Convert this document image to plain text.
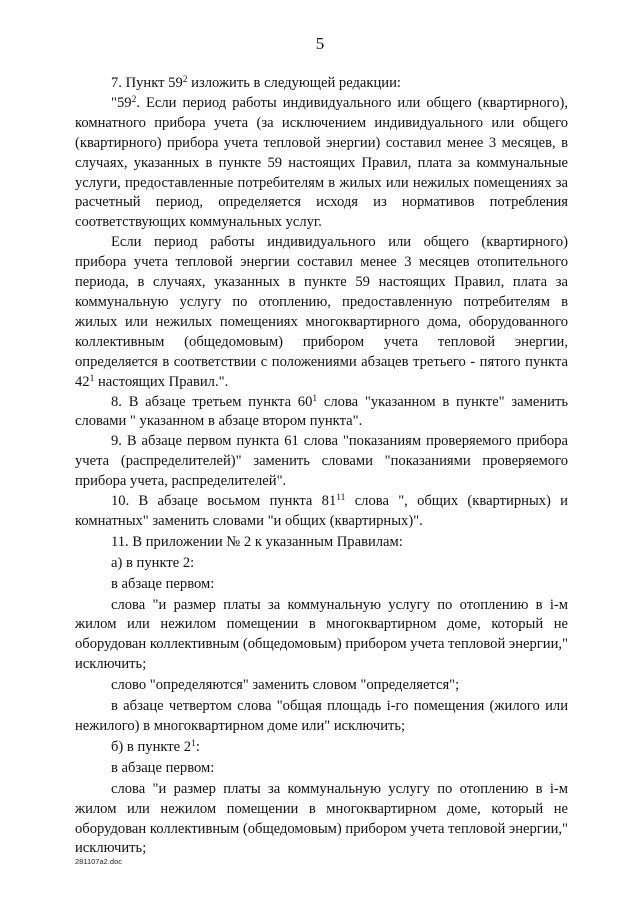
5

7. Пункт $59^2$ изложить в следующей редакции:

"$59^2$. Если период работы индивидуального или общего (квартирного), комнатного прибора учета (за исключением индивидуального или общего (квартирного) прибора учета тепловой энергии) составил менее 3 месяцев, в случаях, указанных в пункте 59 настоящих Правил, плата за коммунальные услуги, предоставленные потребителям в жилых или нежилых помещениях за расчетный период, определяется исходя из нормативов потребления соответствующих коммунальных услуг.

Если период работы индивидуального или общего (квартирного) прибора учета тепловой энергии составил менее 3 месяцев отопительного периода, в случаях, указанных в пункте 59 настоящих Правил, плата за коммунальную услугу по отоплению, предоставленную потребителям в жилых или нежилых помещениях многоквартирного дома, оборудованного коллективным (общедомовым) прибором учета тепловой энергии, определяется в соответствии с положениями абзацев третьего - пятого пункта $42^1$ настоящих Правил.".

8. В абзаце третьем пункта $60^1$ слова "указанном в пункте" заменить словами " указанном в абзаце втором пункта".

9. В абзаце первом пункта 61 слова "показаниям проверяемого прибора учета (распределителей)" заменить словами "показаниями проверяемого прибора учета, распределителей".

10. В абзаце восьмом пункта $81^{11}$ слова ", общих (квартирных) и комнатных" заменить словами "и общих (квартирных)".

11. В приложении № 2 к указанным Правилам:

а) в пункте 2:

в абзаце первом:

слова "и размер платы за коммунальную услугу по отоплению в i-м жилом или нежилом помещении в многоквартирном доме, который не оборудован коллективным (общедомовым) прибором учета тепловой энергии," исключить;

слово "определяются" заменить словом "определяется";

в абзаце четвертом слова "общая площадь i-го помещения (жилого или нежилого) в многоквартирном доме или" исключить;

б) в пункте $2^1$:

в абзаце первом:

слова "и размер платы за коммунальную услугу по отоплению в i-м жилом или нежилом помещении в многоквартирном доме, который не оборудован коллективным (общедомовым) прибором учета тепловой энергии," исключить;

281107a2.doc
